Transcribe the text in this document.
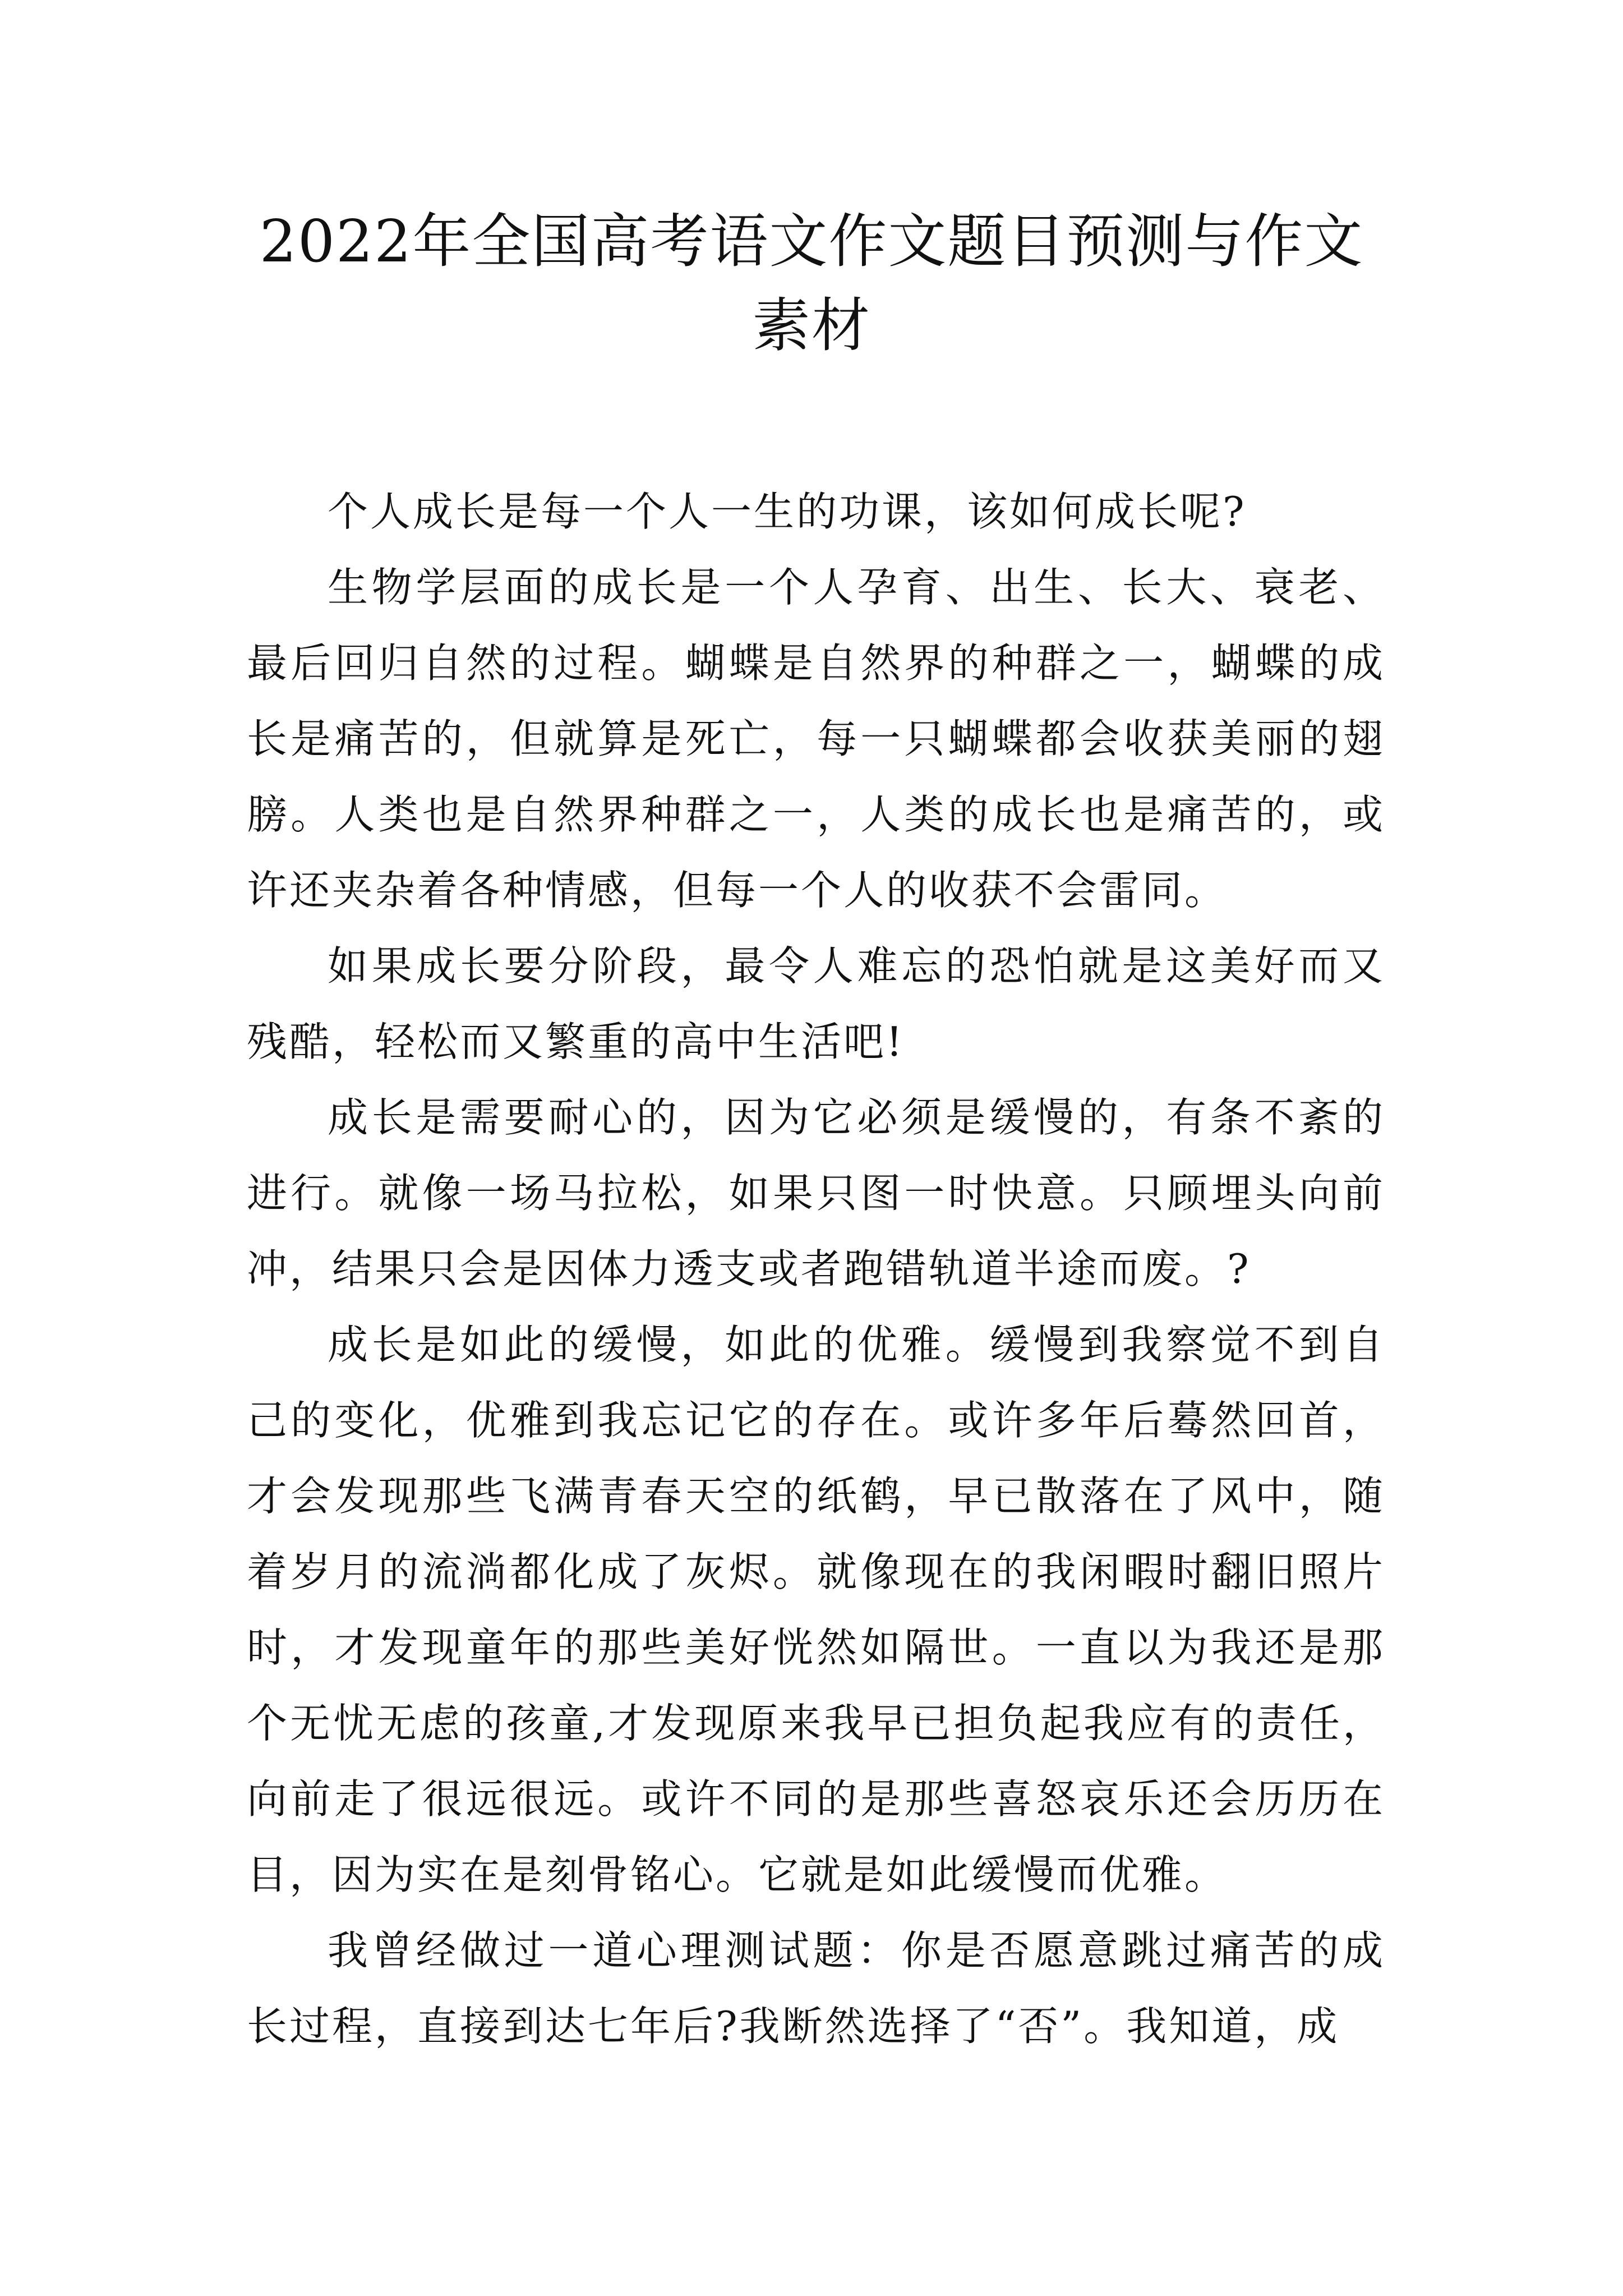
2022年全国高考语文作文题目预测与作文素材

个人成长是每一个人一生的功课，该如何成长呢?

生物学层面的成长是一个人孕育、出生、长大、衰老、最后回归自然的过程。蝴蝶是自然界的种群之一，蝴蝶的成长是痛苦的，但就算是死亡，每一只蝴蝶都会收获美丽的翅膀。人类也是自然界种群之一，人类的成长也是痛苦的，或许还夹杂着各种情感，但每一个人的收获不会雷同。

如果成长要分阶段，最令人难忘的恐怕就是这美好而又残酷，轻松而又繁重的高中生活吧!

成长是需要耐心的，因为它必须是缓慢的，有条不紊的进行。就像一场马拉松，如果只图一时快意。只顾埋头向前冲，结果只会是因体力透支或者跑错轨道半途而废。?

成长是如此的缓慢，如此的优雅。缓慢到我察觉不到自己的变化，优雅到我忘记它的存在。或许多年后蓦然回首，才会发现那些飞满青春天空的纸鹤，早已散落在了风中，随着岁月的流淌都化成了灰烬。就像现在的我闲暇时翻旧照片时，才发现童年的那些美好恍然如隔世。一直以为我还是那个无忧无虑的孩童,才发现原来我早已担负起我应有的责任，向前走了很远很远。或许不同的是那些喜怒哀乐还会历历在目，因为实在是刻骨铭心。它就是如此缓慢而优雅。

我曾经做过一道心理测试题：你是否愿意跳过痛苦的成长过程，直接到达七年后?我断然选择了“否”。我知道，成
